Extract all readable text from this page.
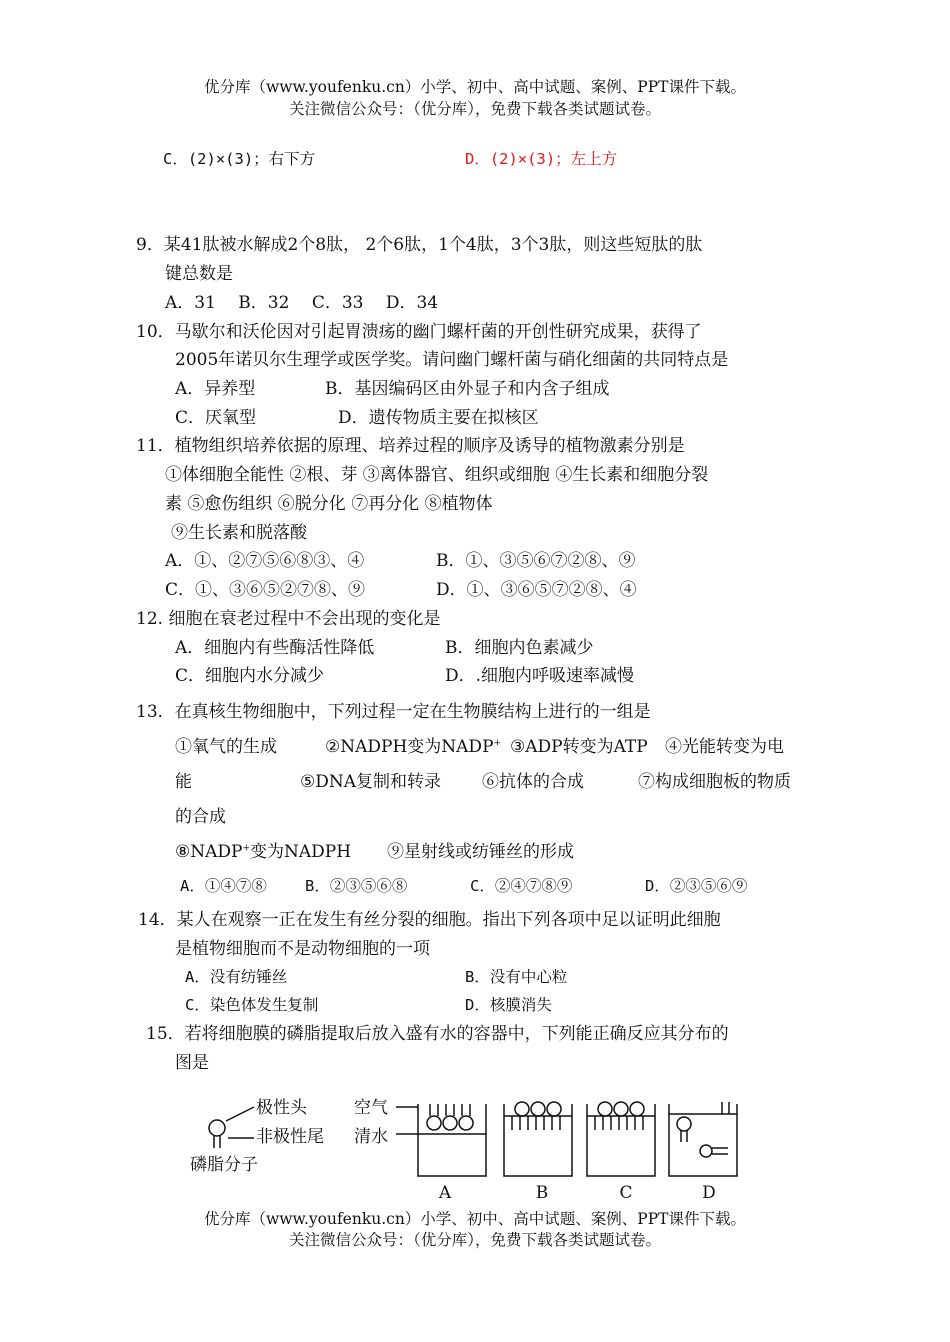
优分库（www.youfenku.cn）小学、初中、高中试题、案例、PPT课件下载。
关注微信公众号：（优分库），免费下载各类试题试卷。
C．(2)×(3)；右下方	D．(2)×(3)；左上方
9．某41肽被水解成2个8肽， 2个6肽，1个4肽，3个3肽，则这些短肽的肽
键总数是
A．31　 B．32　 C．33　 D．34
10．马歇尔和沃伦因对引起胃溃疡的幽门螺杆菌的开创性研究成果，获得了
2005年诺贝尔生理学或医学奖。请问幽门螺杆菌与硝化细菌的共同特点是
A．异养型	B．基因编码区由外显子和内含子组成
C．厌氧型	D．遗传物质主要在拟核区
11．植物组织培养依据的原理、培养过程的顺序及诱导的植物激素分别是
①体细胞全能性 ②根、芽 ③离体器官、组织或细胞 ④生长素和细胞分裂
素 ⑤愈伤组织 ⑥脱分化 ⑦再分化 ⑧植物体
⑨生长素和脱落酸
A．①、②⑦⑤⑥⑧③、④	B．①、③⑤⑥⑦②⑧、⑨
C．①、③⑥⑤②⑦⑧、⑨	D．①、③⑥⑤⑦②⑧、④
12. 细胞在衰老过程中不会出现的变化是
A．细胞内有些酶活性降低	B．细胞内色素减少
C．细胞内水分减少	D．.细胞内呼吸速率减慢
13．在真核生物细胞中，下列过程一定在生物膜结构上进行的一组是
①氧气的生成	②NADPH变为NADP+ ③ADP转变为ATP ④光能转变为电
能	⑤DNA复制和转录 ⑥抗体的合成	⑦构成细胞板的物质
的合成
⑧NADP+变为NADPH ⑨星射线或纺锤丝的形成
A．①④⑦⑧ B．②③⑤⑥⑧	C．②④⑦⑧⑨	D．②③⑤⑥⑨
14．某人在观察一正在发生有丝分裂的细胞。指出下列各项中足以证明此细胞
是植物细胞而不是动物细胞的一项
A．没有纺锤丝	B．没有中心粒
C．染色体发生复制	D．核膜消失
15．若将细胞膜的磷脂提取后放入盛有水的容器中，下列能正确反应其分布的
图是
极性头
非极性尾
磷脂分子
空气
清水
A	B	C	D
优分库（www.youfenku.cn）小学、初中、高中试题、案例、PPT课件下载。
关注微信公众号：（优分库），免费下载各类试题试卷。
